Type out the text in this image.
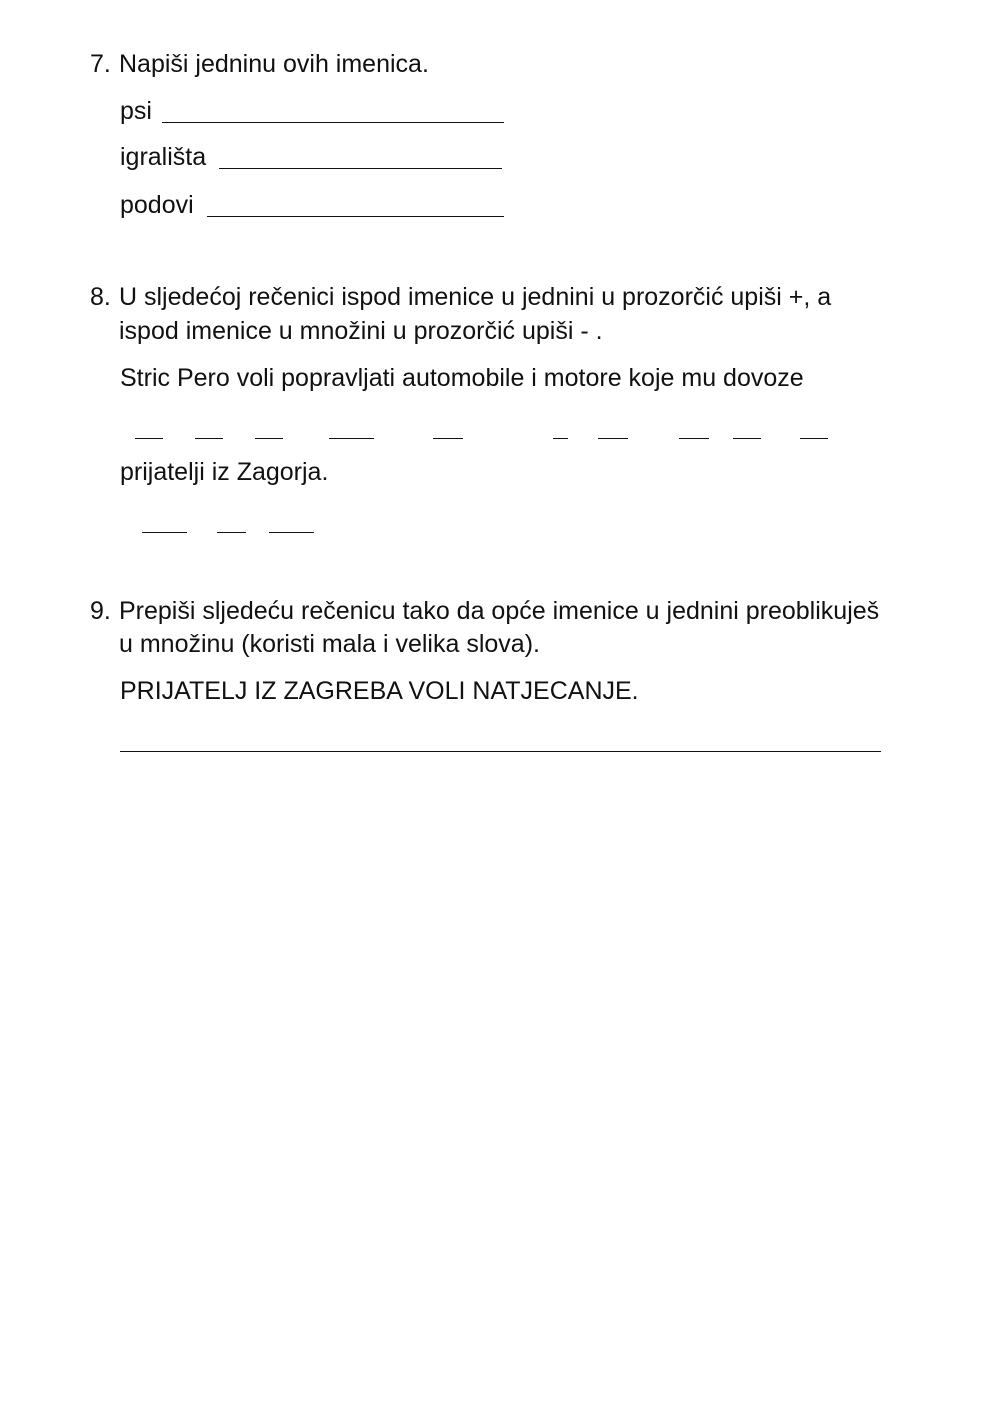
7. Napiši jedninu ovih imenica.
psi
igrališta
podovi
8. U sljedećoj rečenici ispod imenice u jednini u prozorčić upiši +, a
ispod imenice u množini u prozorčić upiši - .
Stric Pero voli popravljati automobile i motore koje mu dovoze
prijatelji iz Zagorja.
9. Prepiši sljedeću rečenicu tako da opće imenice u jednini preoblikuješ
u množinu (koristi mala i velika slova).
PRIJATELJ IZ ZAGREBA VOLI NATJECANJE.
